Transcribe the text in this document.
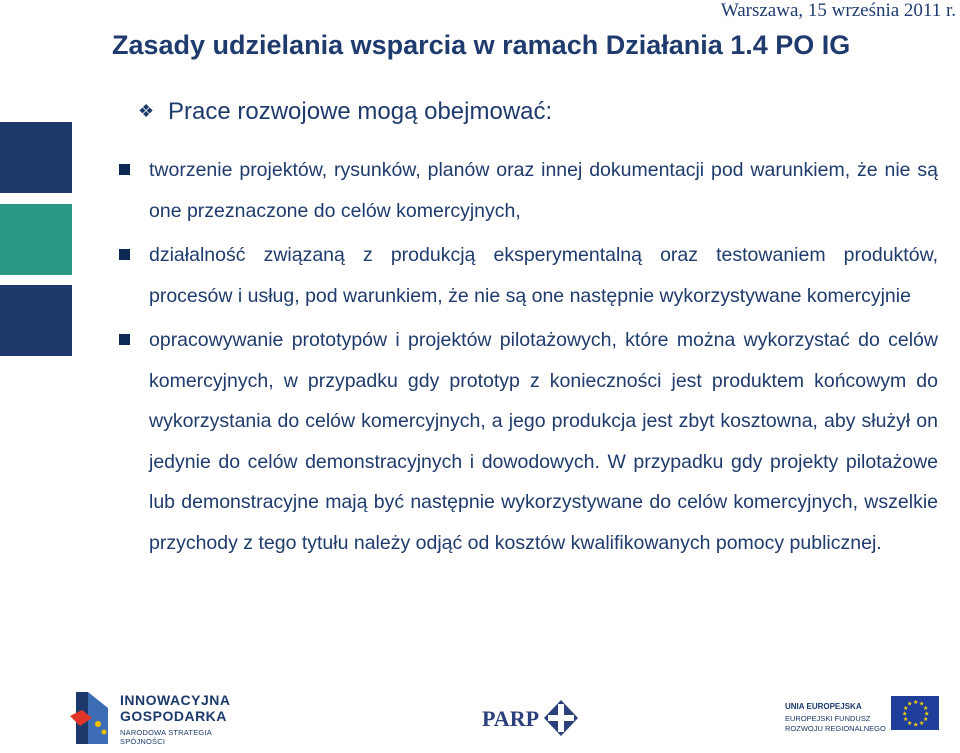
Warszawa, 15 września 2011 r.
Zasady udzielania wsparcia w ramach Działania 1.4 PO IG
❖ Prace rozwojowe mogą obejmować:
tworzenie projektów, rysunków, planów oraz innej dokumentacji pod warunkiem, że nie są one przeznaczone do celów komercyjnych,
działalność związaną z produkcją eksperymentalną oraz testowaniem produktów, procesów i usług, pod warunkiem, że nie są one następnie wykorzystywane komercyjnie
opracowywanie prototypów i projektów pilotażowych, które można wykorzystać do celów komercyjnych, w przypadku gdy prototyp z konieczności jest produktem końcowym do wykorzystania do celów komercyjnych, a jego produkcja jest zbyt kosztowna, aby służył on jedynie do celów demonstracyjnych i dowodowych. W przypadku gdy projekty pilotażowe lub demonstracyjne mają być następnie wykorzystywane do celów komercyjnych, wszelkie przychody z tego tytułu należy odjąć od kosztów kwalifikowanych pomocy publicznej.
INNOWACYJNA
GOSPODARKA
NARODOWA STRATEGIA SPÓJNOŚCI
PARP	UNIA EUROPEJSKA
EUROPEJSKI FUNDUSZ
ROZWOJU REGIONALNEGO
★ ★
★
★
★
★
★
★
★
★
★
★
